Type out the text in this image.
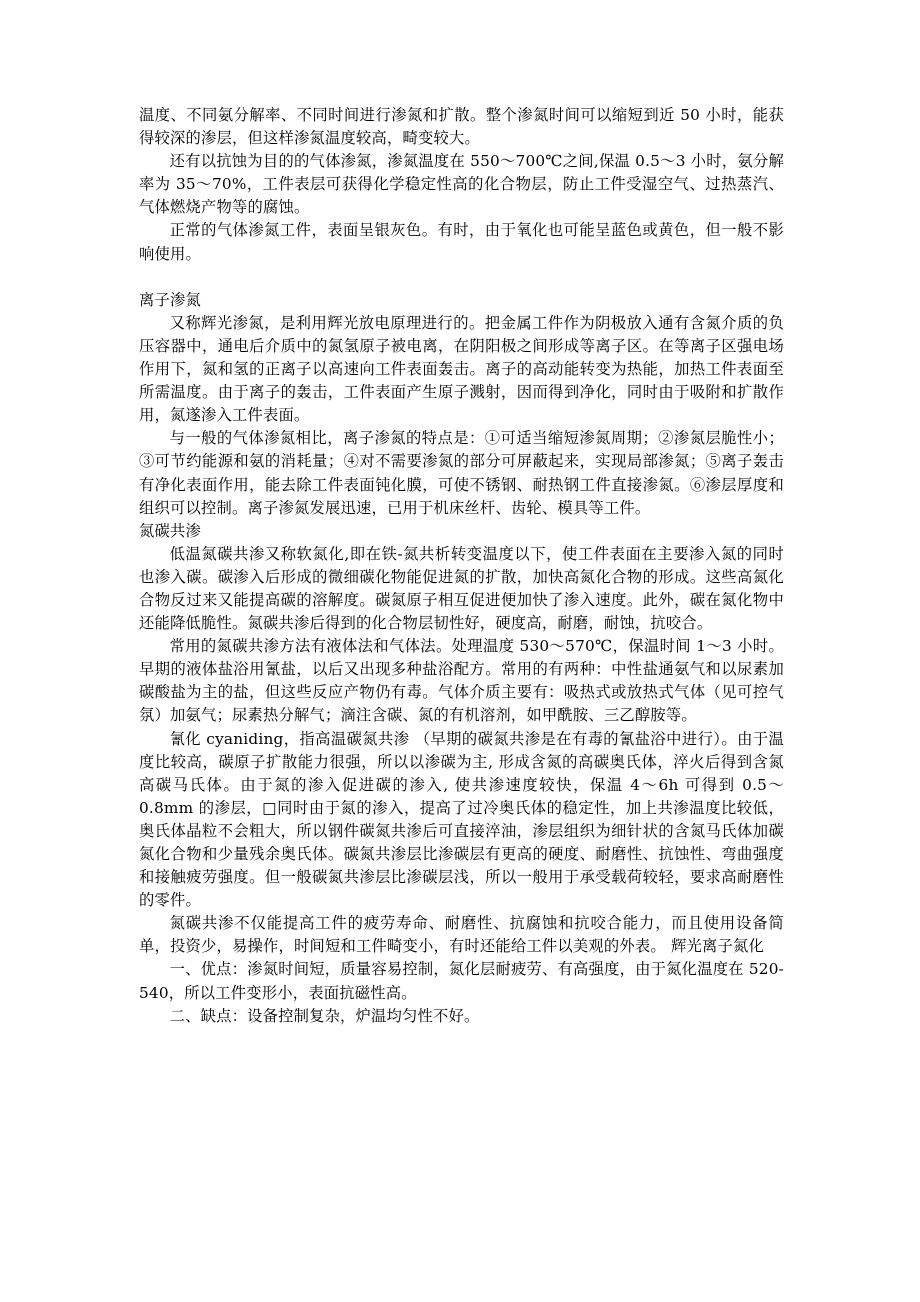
温度、不同氨分解率、不同时间进行渗氮和扩散。整个渗氮时间可以缩短到近 50 小时，能获得较深的渗层，但这样渗氮温度较高，畸变较大。

还有以抗蚀为目的的气体渗氮，渗氮温度在 550～700℃之间,保温 0.5～3 小时，氨分解率为 35～70%，工件表层可获得化学稳定性高的化合物层，防止工件受湿空气、过热蒸汽、气体燃烧产物等的腐蚀。

正常的气体渗氮工件，表面呈银灰色。有时，由于氧化也可能呈蓝色或黄色，但一般不影响使用。

离子渗氮

又称辉光渗氮，是利用辉光放电原理进行的。把金属工件作为阴极放入通有含氮介质的负压容器中，通电后介质中的氮氢原子被电离，在阴阳极之间形成等离子区。在等离子区强电场作用下，氮和氢的正离子以高速向工件表面轰击。离子的高动能转变为热能，加热工件表面至所需温度。由于离子的轰击，工件表面产生原子溅射，因而得到净化，同时由于吸附和扩散作用，氮遂渗入工件表面。

与一般的气体渗氮相比，离子渗氮的特点是：①可适当缩短渗氮周期；②渗氮层脆性小；③可节约能源和氨的消耗量；④对不需要渗氮的部分可屏蔽起来，实现局部渗氮；⑤离子轰击有净化表面作用，能去除工件表面钝化膜，可使不锈钢、耐热钢工件直接渗氮。⑥渗层厚度和组织可以控制。离子渗氮发展迅速，已用于机床丝杆、齿轮、模具等工件。

氮碳共渗

低温氮碳共渗又称软氮化,即在铁-氮共析转变温度以下，使工件表面在主要渗入氮的同时也渗入碳。碳渗入后形成的微细碳化物能促进氮的扩散，加快高氮化合物的形成。这些高氮化合物反过来又能提高碳的溶解度。碳氮原子相互促进便加快了渗入速度。此外，碳在氮化物中还能降低脆性。氮碳共渗后得到的化合物层韧性好，硬度高，耐磨，耐蚀，抗咬合。

常用的氮碳共渗方法有液体法和气体法。处理温度 530～570℃，保温时间 1～3 小时。早期的液体盐浴用氰盐，以后又出现多种盐浴配方。常用的有两种：中性盐通氨气和以尿素加碳酸盐为主的盐，但这些反应产物仍有毒。气体介质主要有：吸热式或放热式气体（见可控气氛）加氨气；尿素热分解气；滴注含碳、氮的有机溶剂，如甲酰胺、三乙醇胺等。

氰化 cyaniding，指高温碳氮共渗 （早期的碳氮共渗是在有毒的氰盐浴中进行）。由于温度比较高，碳原子扩散能力很强，所以以渗碳为主, 形成含氮的高碳奥氏体，淬火后得到含氮高碳马氏体。由于氮的渗入促进碳的渗入, 使共渗速度较快，保温 4～6h 可得到 0.5～0.8mm 的渗层，□同时由于氮的渗入，提高了过冷奥氏体的稳定性，加上共渗温度比较低，奥氏体晶粒不会粗大，所以钢件碳氮共渗后可直接淬油，渗层组织为细针状的含氮马氏体加碳氮化合物和少量残余奥氏体。碳氮共渗层比渗碳层有更高的硬度、耐磨性、抗蚀性、弯曲强度和接触疲劳强度。但一般碳氮共渗层比渗碳层浅，所以一般用于承受载荷较轻，要求高耐磨性的零件。

氮碳共渗不仅能提高工件的疲劳寿命、耐磨性、抗腐蚀和抗咬合能力，而且使用设备简单，投资少，易操作，时间短和工件畸变小，有时还能给工件以美观的外表。 辉光离子氮化

一、优点：渗氮时间短，质量容易控制，氮化层耐疲劳、有高强度，由于氮化温度在 520-540，所以工件变形小，表面抗磁性高。

二、缺点：设备控制复杂，炉温均匀性不好。
